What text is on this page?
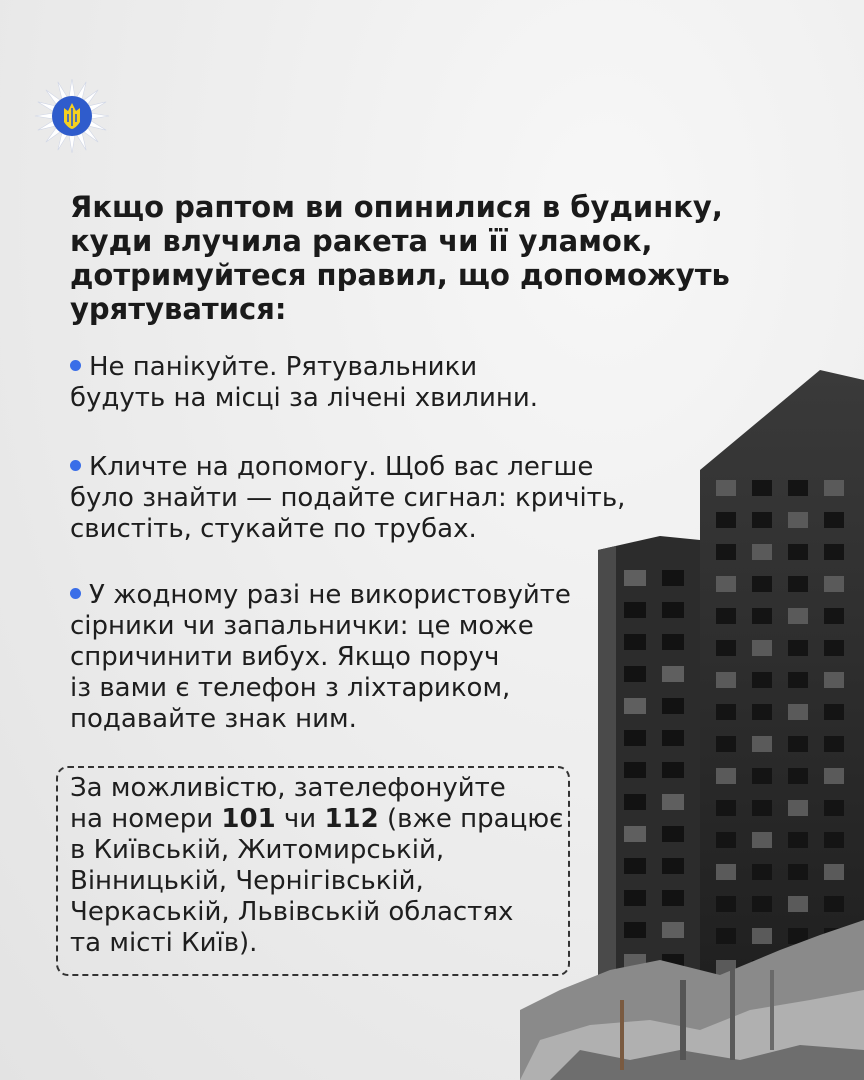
Якщо раптом ви опинилися в будинку,
куди влучила ракета чи її уламок,
дотримуйтеся правил, що допоможуть
урятуватися:
Не панікуйте. Рятувальники
будуть на місці за лічені хвилини.
Кличте на допомогу. Щоб вас легше
було знайти — подайте сигнал: кричіть,
свистіть, стукайте по трубах.
У жодному разі не використовуйте
сірники чи запальнички: це може
спричинити вибух. Якщо поруч
із вами є телефон з ліхтариком,
подавайте знак ним.
За можливістю, зателефонуйте
на номери 101 чи 112 (вже працює
в Київській, Житомирській,
Вінницькій, Чернігівській,
Черкаській, Львівській областях
та місті Київ).
